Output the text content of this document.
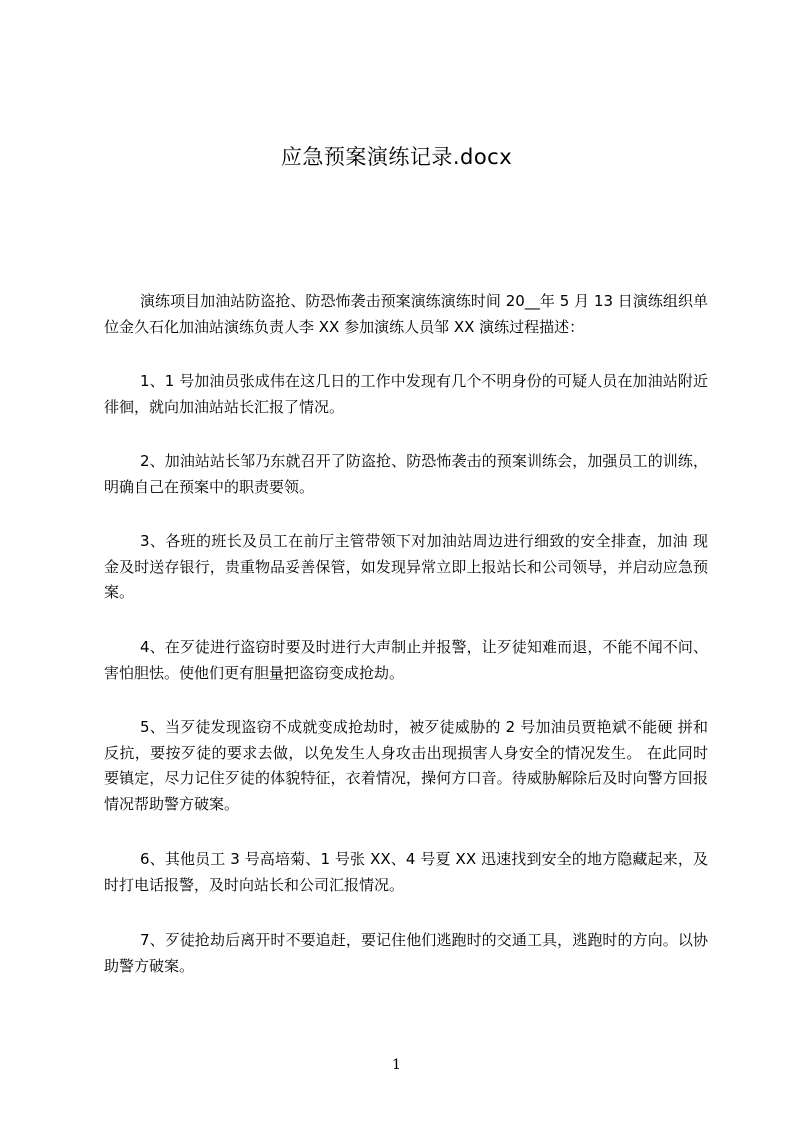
应急预案演练记录.docx

演练项目加油站防盗抢、防恐怖袭击预案演练演练时间 20__年 5 月 13 日演练组织单位金久石化加油站演练负责人李 XX 参加演练人员邹 XX 演练过程描述：

1、1 号加油员张成伟在这几日的工作中发现有几个不明身份的可疑人员在加油站附近徘徊，就向加油站站长汇报了情况。

2、加油站站长邹乃东就召开了防盗抢、防恐怖袭击的预案训练会，加强员工的训练，明确自己在预案中的职责要领。

3、各班的班长及员工在前厅主管带领下对加油站周边进行细致的安全排查，加油 现金及时送存银行，贵重物品妥善保管，如发现异常立即上报站长和公司领导，并启动应急预案。

4、在歹徒进行盗窃时要及时进行大声制止并报警，让歹徒知难而退，不能不闻不问、害怕胆怯。使他们更有胆量把盗窃变成抢劫。

5、当歹徒发现盗窃不成就变成抢劫时，被歹徒威胁的 2 号加油员贾艳斌不能硬 拼和反抗，要按歹徒的要求去做，以免发生人身攻击出现损害人身安全的情况发生。 在此同时要镇定，尽力记住歹徒的体貌特征，衣着情况，操何方口音。待威胁解除后及时向警方回报情况帮助警方破案。

6、其他员工 3 号高培菊、1 号张 XX、4 号夏 XX 迅速找到安全的地方隐藏起来，及时打电话报警，及时向站长和公司汇报情况。

7、歹徒抢劫后离开时不要追赶，要记住他们逃跑时的交通工具，逃跑时的方向。以协助警方破案。

1
